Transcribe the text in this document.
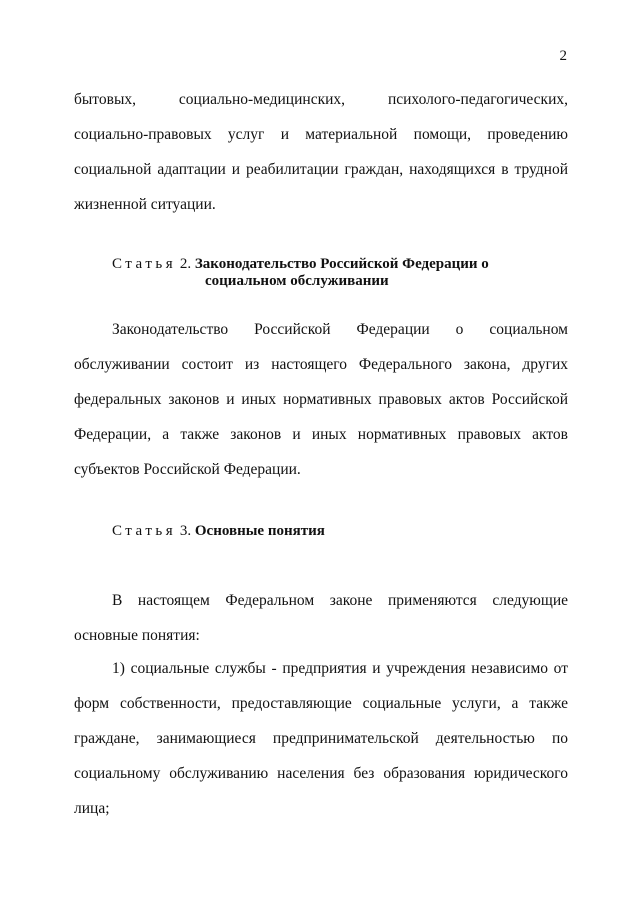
2
бытовых, социально-медицинских, психолого-педагогических, социально-правовых услуг и материальной помощи, проведению социальной адаптации и реабилитации граждан, находящихся в трудной жизненной ситуации.
Статья 2. Законодательство Российской Федерации о
социальном обслуживании
Законодательство Российской Федерации о социальном обслуживании состоит из настоящего Федерального закона, других федеральных законов и иных нормативных правовых актов Российской Федерации, а также законов и иных нормативных правовых актов субъектов Российской Федерации.
Статья 3. Основные понятия
В настоящем Федеральном законе применяются следующие основные понятия:
1) социальные службы - предприятия и учреждения независимо от форм собственности, предоставляющие социальные услуги, а также граждане, занимающиеся предпринимательской деятельностью по социальному обслуживанию населения без образования юридического лица;
